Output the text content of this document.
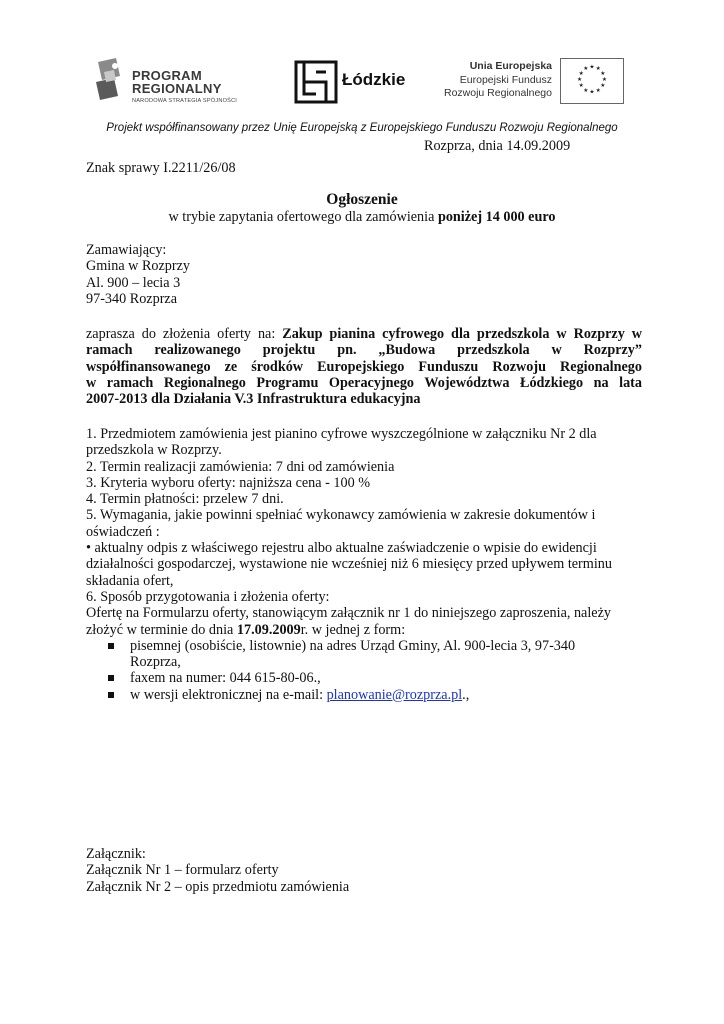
PROGRAM
REGIONALNY
NARODOWA STRATEGIA SPÓJNOŚCI
Łódzkie
Unia Europejska
Europejski Fundusz
Rozwoju Regionalnego
★ ★
★
★
★
★
★
★
★
★
★
★
Projekt współfinansowany przez Unię Europejską z Europejskiego Funduszu Rozwoju Regionalnego
Rozprza, dnia 14.09.2009
Znak sprawy I.2211/26/08
Ogłoszenie
w trybie zapytania ofertowego dla zamówienia poniżej 14 000 euro
Zamawiający:
Gmina w Rozprzy
Al. 900 – lecia 3
97-340 Rozprza
zaprasza do złożenia oferty na: Zakup pianina cyfrowego dla przedszkola w Rozprzy w
ramach realizowanego projektu pn. „Budowa przedszkola w Rozprzy”
współfinansowanego ze środków Europejskiego Funduszu Rozwoju Regionalnego
w ramach Regionalnego Programu Operacyjnego Województwa Łódzkiego na lata
2007-2013 dla Działania V.3 Infrastruktura edukacyjna
1. Przedmiotem zamówienia jest pianino cyfrowe wyszczególnione w załączniku Nr 2 dla
przedszkola w Rozprzy.
2. Termin realizacji zamówienia: 7 dni od zamówienia
3. Kryteria wyboru oferty: najniższa cena - 100 %
4. Termin płatności: przelew 7 dni.
5. Wymagania, jakie powinni spełniać wykonawcy zamówienia w zakresie dokumentów i
oświadczeń :
• aktualny odpis z właściwego rejestru albo aktualne zaświadczenie o wpisie do ewidencji
działalności gospodarczej, wystawione nie wcześniej niż 6 miesięcy przed upływem terminu
składania ofert,
6. Sposób przygotowania i złożenia oferty:
Ofertę na Formularzu oferty, stanowiącym załącznik nr 1 do niniejszego zaproszenia, należy
złożyć w terminie do dnia 17.09.2009r. w jednej z form:
pisemnej (osobiście, listownie) na adres Urząd Gminy, Al. 900-lecia 3, 97-340
Rozprza,
faxem na numer: 044 615-80-06.,
w wersji elektronicznej na e-mail: planowanie@rozprza.pl.,
Załącznik:
Załącznik Nr 1 – formularz oferty
Załącznik Nr 2 – opis przedmiotu zamówienia
